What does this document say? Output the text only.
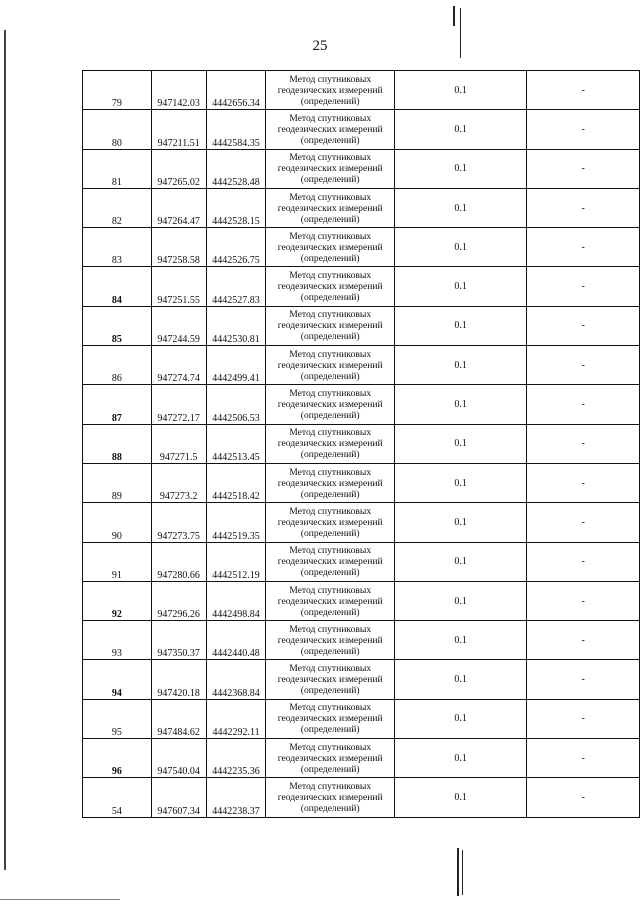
25
79	947142.03	4442656.34	Метод спутниковых
геодезических измерений
(определений)	0.1	-
80	947211.51	4442584.35	Метод спутниковых
геодезических измерений
(определений)	0.1	-
81	947265.02	4442528.48	Метод спутниковых
геодезических измерений
(определений)	0.1	-
82	947264.47	4442528.15	Метод спутниковых
геодезических измерений
(определений)	0.1	-
83	947258.58	4442526.75	Метод спутниковых
геодезических измерений
(определений)	0.1	-
84	947251.55	4442527.83	Метод спутниковых
геодезических измерений
(определений)	0.1	-
85	947244.59	4442530.81	Метод спутниковых
геодезических измерений
(определений)	0.1	-
86	947274.74	4442499.41	Метод спутниковых
геодезических измерений
(определений)	0.1	-
87	947272.17	4442506.53	Метод спутниковых
геодезических измерений
(определений)	0.1	-
88	947271.5	4442513.45	Метод спутниковых
геодезических измерений
(определений)	0.1	-
89	947273.2	4442518.42	Метод спутниковых
геодезических измерений
(определений)	0.1	-
90	947273.75	4442519.35	Метод спутниковых
геодезических измерений
(определений)	0.1	-
91	947280.66	4442512.19	Метод спутниковых
геодезических измерений
(определений)	0.1	-
92	947296.26	4442498.84	Метод спутниковых
геодезических измерений
(определений)	0.1	-
93	947350.37	4442440.48	Метод спутниковых
геодезических измерений
(определений)	0.1	-
94	947420.18	4442368.84	Метод спутниковых
геодезических измерений
(определений)	0.1	-
95	947484.62	4442292.11	Метод спутниковых
геодезических измерений
(определений)	0.1	-
96	947540.04	4442235.36	Метод спутниковых
геодезических измерений
(определений)	0.1	-
54	947607.34	4442238.37	Метод спутниковых
геодезических измерений
(определений)	0.1	-
